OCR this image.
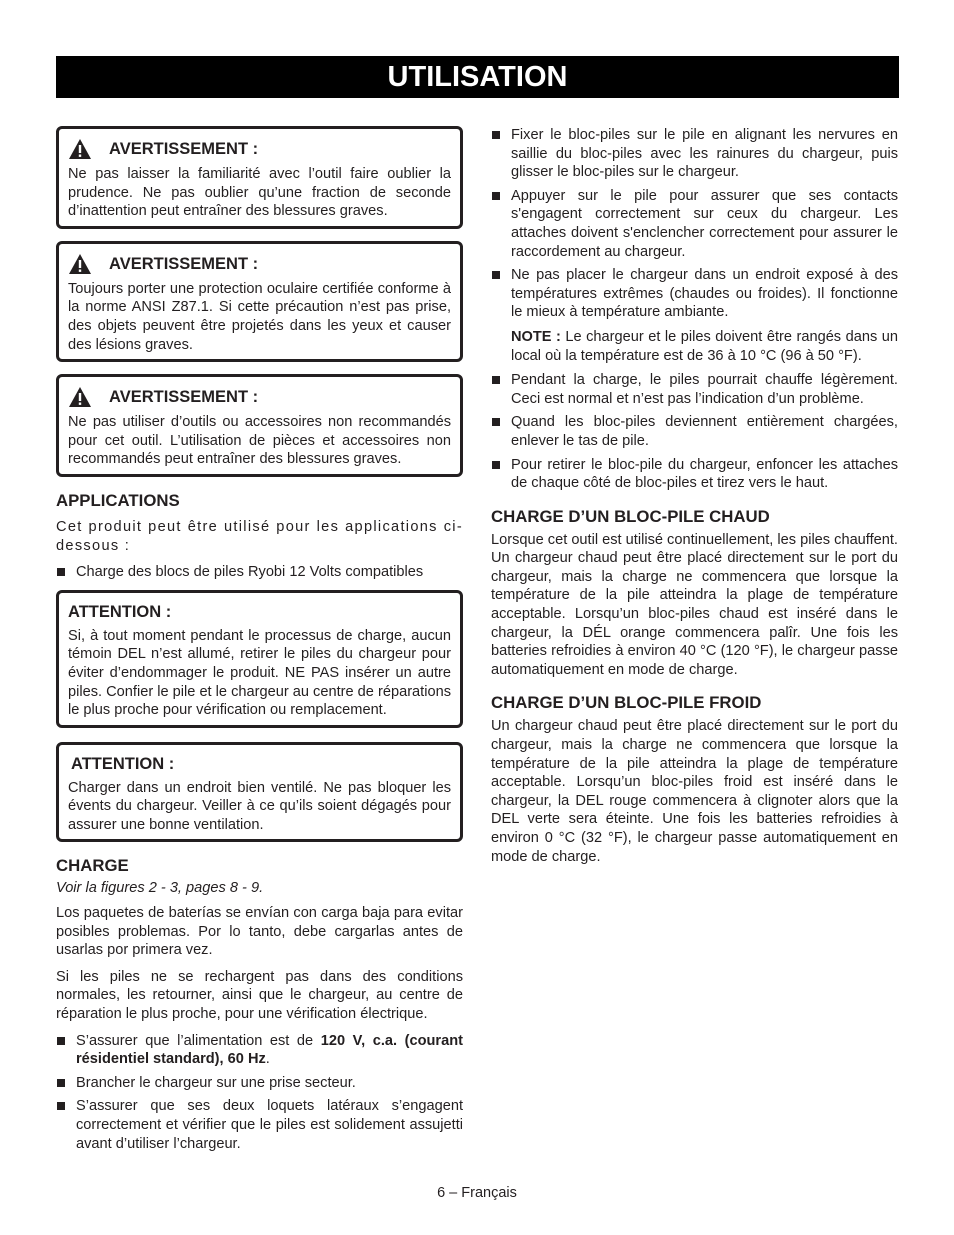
UTILISATION
AVERTISSEMENT :

Ne pas laisser la familiarité avec l’outil faire oublier la prudence. Ne pas oublier qu’une fraction de seconde d’inattention peut entraîner des blessures graves.

AVERTISSEMENT :

Toujours porter une protection oculaire certifiée conforme à la norme ANSI Z87.1. Si cette précaution n’est pas prise, des objets peuvent être projetés dans les yeux et causer des lésions graves.

AVERTISSEMENT :

Ne pas utiliser d’outils ou accessoires non recommandés pour cet outil. L’utilisation de pièces et accessoires non recommandés peut entraîner des blessures graves.

APPLICATIONS

Cet produit peut être utilisé pour les applications ci-dessous :

Charge des blocs de piles Ryobi 12 Volts compatibles
ATTENTION :

Si, à tout moment pendant le processus de charge, aucun témoin DEL n’est allumé, retirer le piles du chargeur pour éviter d’endommager le produit. NE PAS insérer un autre piles. Confier le pile et le chargeur au centre de réparations le plus proche pour vérification ou remplacement.

ATTENTION :

Charger dans un endroit bien ventilé. Ne pas bloquer les évents du chargeur. Veiller à ce qu’ils soient dégagés pour assurer une bonne ventilation.

CHARGE

Voir la figures 2 - 3, pages 8 - 9.

Los paquetes de baterías se envían con carga baja para evitar posibles problemas. Por lo tanto, debe cargarlas antes de usarlas por primera vez.

Si les piles ne se rechargent pas dans des conditions normales, les retourner, ainsi que le chargeur, au centre de réparation le plus proche, pour une vérification électrique.

S’assurer que l’alimentation est de 120 V, c.a. (courant résidentiel standard), 60 Hz.
Brancher le chargeur sur une prise secteur.
S’assurer que ses deux loquets latéraux s’engagent correctement et vérifier que le piles est solidement assujetti avant d’utiliser l’chargeur.
Fixer le bloc-piles sur le pile en alignant les nervures en saillie du bloc-piles avec les rainures du chargeur, puis glisser le bloc-piles sur le chargeur.
Appuyer sur le pile pour assurer que ses contacts s'engagent correctement sur ceux du chargeur. Les attaches doivent s'enclencher correctement pour assurer le raccordement au chargeur.
Ne pas placer le chargeur dans un endroit exposé à des températures extrêmes (chaudes ou froides). Il fonctionne le mieux à température ambiante.
NOTE : Le chargeur et le piles doivent être rangés dans un local où la température est de 36 à 10 °C (96 à 50 °F).
Pendant la charge, le piles pourrait chauffe légèrement. Ceci est normal et n’est pas l’indication d’un problème.
Quand les bloc-piles deviennent entièrement chargées, enlever le tas de pile.
Pour retirer le bloc-pile du chargeur, enfoncer les attaches de chaque côté de bloc-piles et tirez vers le haut.
CHARGE D’UN BLOC-PILE CHAUD

Lorsque cet outil est utilisé continuellement, les piles chauffent. Un chargeur chaud peut être placé directement sur le port du chargeur, mais la charge ne commencera que lorsque la température de la pile atteindra la plage de température acceptable. Lorsqu’un bloc-piles chaud est inséré dans le chargeur, la DÉL orange commencera palîr. Une fois les batteries refroidies à environ 40 °C (120 °F), le chargeur passe automatiquement en mode de charge.

CHARGE D’UN BLOC-PILE FROID

Un chargeur chaud peut être placé directement sur le port du chargeur, mais la charge ne commencera que lorsque la température de la pile atteindra la plage de température acceptable. Lorsqu’un bloc-piles froid est inséré dans le chargeur, la DEL rouge commencera à clignoter alors que la DEL verte sera éteinte. Une fois les batteries refroidies à environ 0 °C (32 °F), le chargeur passe automatiquement en mode de charge.

6 – Français
